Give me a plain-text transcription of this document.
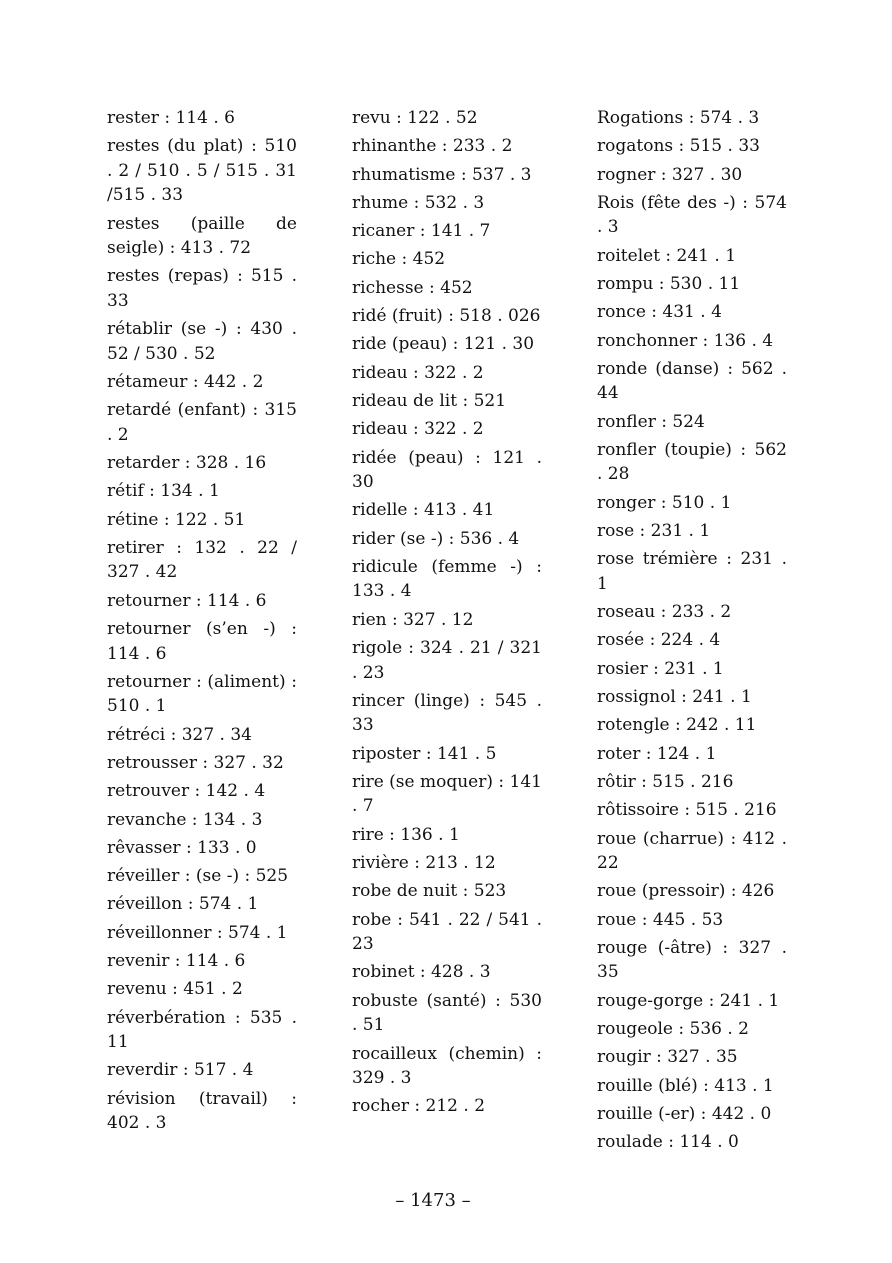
rester : 114 . 6
restes (du plat) : 510 . 2 / 510 . 5 / 515 . 31 /515 . 33
restes (paille de seigle) : 413 . 72
restes (repas) : 515 . 33
rétablir (se -) : 430 . 52 / 530 . 52
rétameur : 442 . 2
retardé (enfant) : 315 . 2
retarder : 328 . 16
rétif : 134 . 1
rétine : 122 . 51
retirer : 132 . 22 / 327 . 42
retourner : 114 . 6
retourner (s’en -) : 114 . 6
retourner : (aliment) : 510 . 1
rétréci : 327 . 34
retrousser : 327 . 32
retrouver : 142 . 4
revanche : 134 . 3
rêvasser : 133 . 0
réveiller : (se -) : 525
réveillon : 574 . 1
réveillonner : 574 . 1
revenir : 114 . 6
revenu : 451 . 2
réverbération : 535 . 11
reverdir : 517 . 4
révision (travail) : 402 . 3
revu : 122 . 52
rhinanthe : 233 . 2
rhumatisme : 537 . 3
rhume : 532 . 3
ricaner : 141 . 7
riche : 452
richesse : 452
ridé (fruit) : 518 . 026
ride (peau) : 121 . 30
rideau : 322 . 2
rideau de lit : 521
rideau : 322 . 2
ridée (peau) : 121 . 30
ridelle : 413 . 41
rider (se -) : 536 . 4
ridicule (femme -) : 133 . 4
rien : 327 . 12
rigole : 324 . 21 / 321 . 23
rincer (linge) : 545 . 33
riposter : 141 . 5
rire (se moquer) : 141 . 7
rire : 136 . 1
rivière : 213 . 12
robe de nuit : 523
robe : 541 . 22 / 541 . 23
robinet : 428 . 3
robuste (santé) : 530 . 51
rocailleux (chemin) : 329 . 3
rocher : 212 . 2
Rogations : 574 . 3
rogatons : 515 . 33
rogner : 327 . 30
Rois (fête des -) : 574 . 3
roitelet : 241 . 1
rompu : 530 . 11
ronce : 431 . 4
ronchonner : 136 . 4
ronde (danse) : 562 . 44
ronfler : 524
ronfler (toupie) : 562 . 28
ronger : 510 . 1
rose : 231 . 1
rose trémière : 231 . 1
roseau : 233 . 2
rosée : 224 . 4
rosier : 231 . 1
rossignol : 241 . 1
rotengle : 242 . 11
roter : 124 . 1
rôtir : 515 . 216
rôtissoire : 515 . 216
roue (charrue) : 412 . 22
roue (pressoir) : 426
roue : 445 . 53
rouge (-âtre) : 327 . 35
rouge-gorge : 241 . 1
rougeole : 536 . 2
rougir : 327 . 35
rouille (blé) : 413 . 1
rouille (-er) : 442 . 0
roulade : 114 . 0
– 1473 –
